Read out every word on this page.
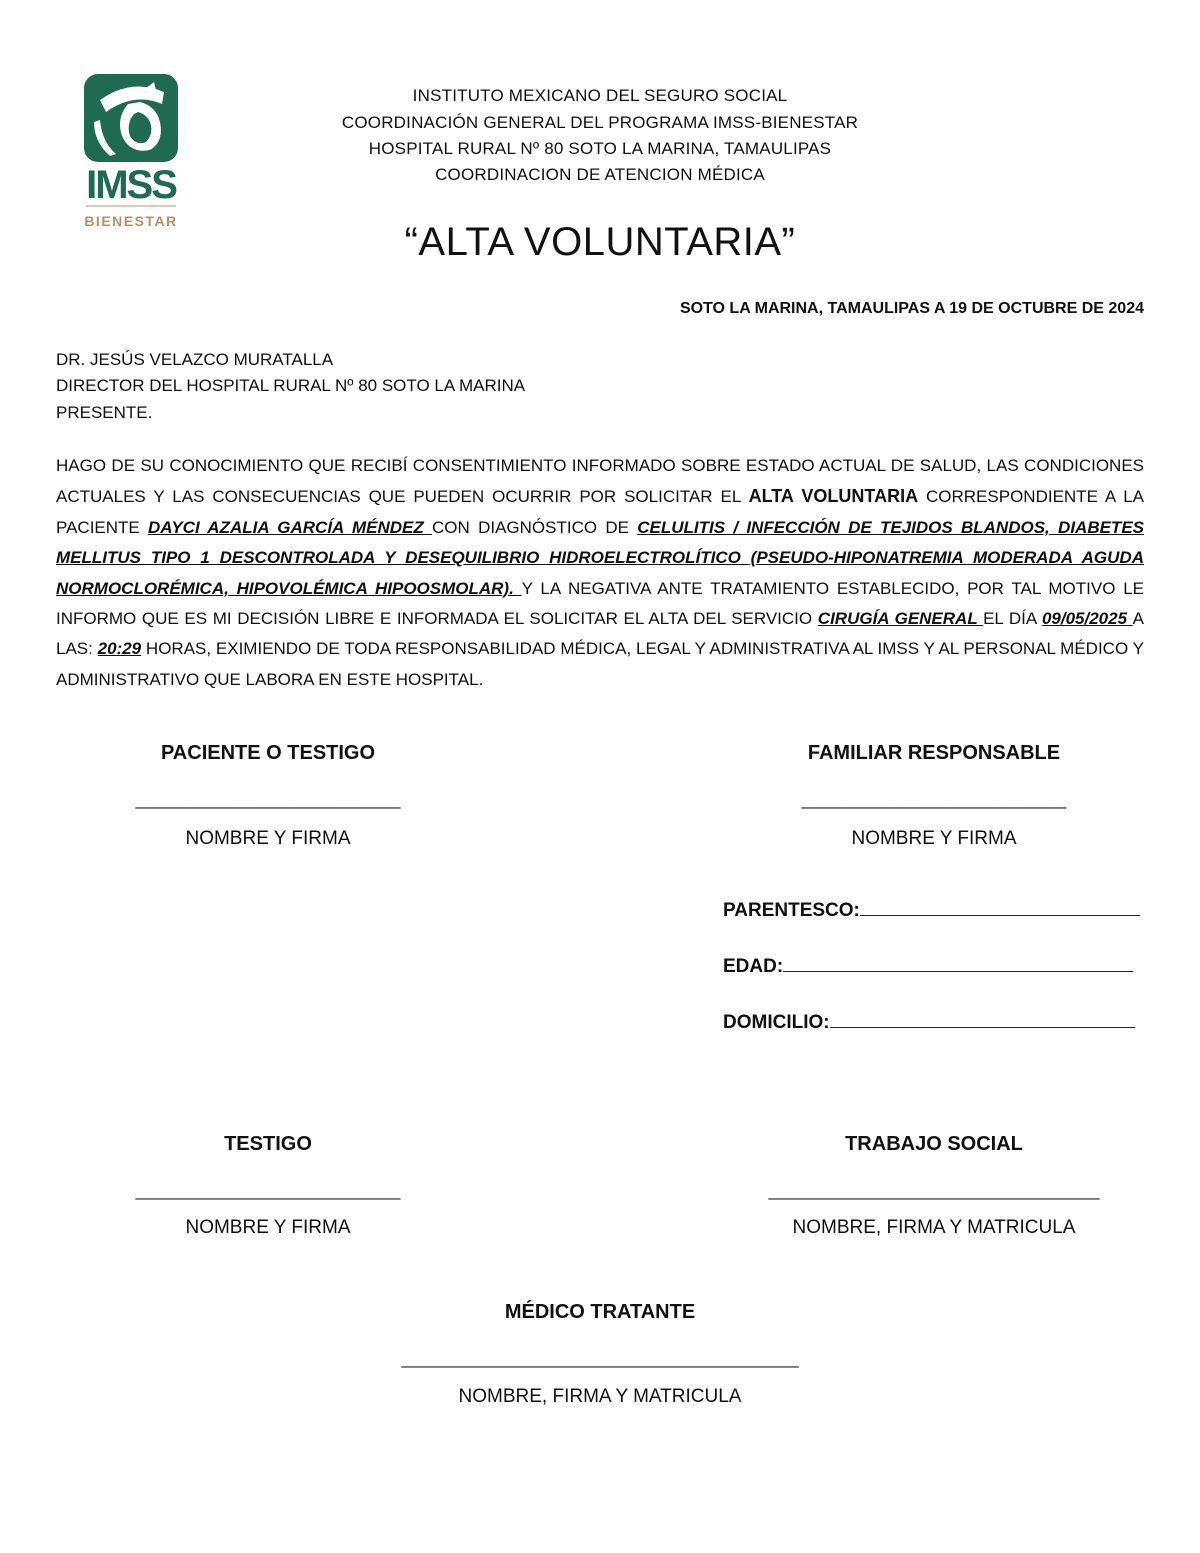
IMSS
BIENESTAR
INSTITUTO MEXICANO DEL SEGURO SOCIAL
COORDINACIÓN GENERAL DEL PROGRAMA IMSS-BIENESTAR
HOSPITAL RURAL Nº 80 SOTO LA MARINA, TAMAULIPAS
COORDINACION DE ATENCION MÉDICA
“ALTA VOLUNTARIA”
SOTO LA MARINA, TAMAULIPAS A 19 DE OCTUBRE DE 2024
DR. JESÚS VELAZCO MURATALLA
DIRECTOR DEL HOSPITAL RURAL Nº 80 SOTO LA MARINA
PRESENTE.
HAGO DE SU CONOCIMIENTO QUE RECIBÍ CONSENTIMIENTO INFORMADO SOBRE ESTADO ACTUAL DE SALUD, LAS CONDICIONES ACTUALES Y LAS CONSECUENCIAS QUE PUEDEN OCURRIR POR SOLICITAR EL ALTA VOLUNTARIA CORRESPONDIENTE A LA PACIENTE DAYCI AZALIA GARCÍA MÉNDEZ CON DIAGNÓSTICO DE CELULITIS / INFECCIÓN DE TEJIDOS BLANDOS, DIABETES MELLITUS TIPO 1 DESCONTROLADA Y DESEQUILIBRIO HIDROELECTROLÍTICO (PSEUDO-HIPONATREMIA MODERADA AGUDA NORMOCLORÉMICA, HIPOVOLÉMICA HIPOOSMOLAR). Y LA NEGATIVA ANTE TRATAMIENTO ESTABLECIDO, POR TAL MOTIVO LE INFORMO QUE ES MI DECISIÓN LIBRE E INFORMADA EL SOLICITAR EL ALTA DEL SERVICIO CIRUGÍA GENERAL EL DÍA 09/05/2025 A LAS: 20:29 HORAS, EXIMIENDO DE TODA RESPONSABILIDAD MÉDICA, LEGAL Y ADMINISTRATIVA AL IMSS Y AL PERSONAL MÉDICO Y ADMINISTRATIVO QUE LABORA EN ESTE HOSPITAL.
PACIENTE O TESTIGO
____________________________
NOMBRE Y FIRMA
FAMILIAR RESPONSABLE
____________________________
NOMBRE Y FIRMA
PARENTESCO:
EDAD:
DOMICILIO:
TESTIGO
____________________________
NOMBRE Y FIRMA
TRABAJO SOCIAL
___________________________________
NOMBRE, FIRMA Y MATRICULA
MÉDICO TRATANTE
__________________________________________
NOMBRE, FIRMA Y MATRICULA
